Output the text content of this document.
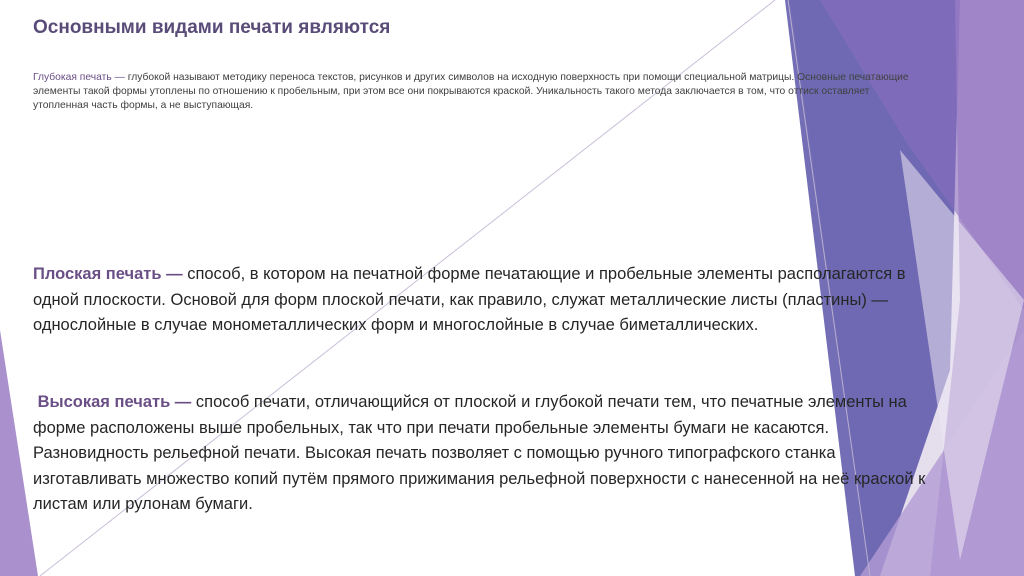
Основными видами печати являются
Глубокая печать — глубокой называют методику переноса текстов, рисунков и других символов на исходную поверхность при помощи специальной матрицы. Основные печатающие элементы такой формы утоплены по отношению к пробельным, при этом все они покрываются краской. Уникальность такого метода заключается в том, что оттиск оставляет утопленная часть формы, а не выступающая.
Плоская печать — способ, в котором на печатной форме печатающие и пробельные элементы располагаются в одной плоскости. Основой для форм плоской печати, как правило, служат металлические листы (пластины) — однослойные в случае монометаллических форм и многослойные в случае биметаллических.
Высокая печать — способ печати, отличающийся от плоской и глубокой печати тем, что печатные элементы на форме расположены выше пробельных, так что при печати пробельные элементы бумаги не касаются. Разновидность рельефной печати. Высокая печать позволяет с помощью ручного типографского станка изготавливать множество копий путём прямого прижимания рельефной поверхности с нанесенной на неё краской к листам или рулонам бумаги.
